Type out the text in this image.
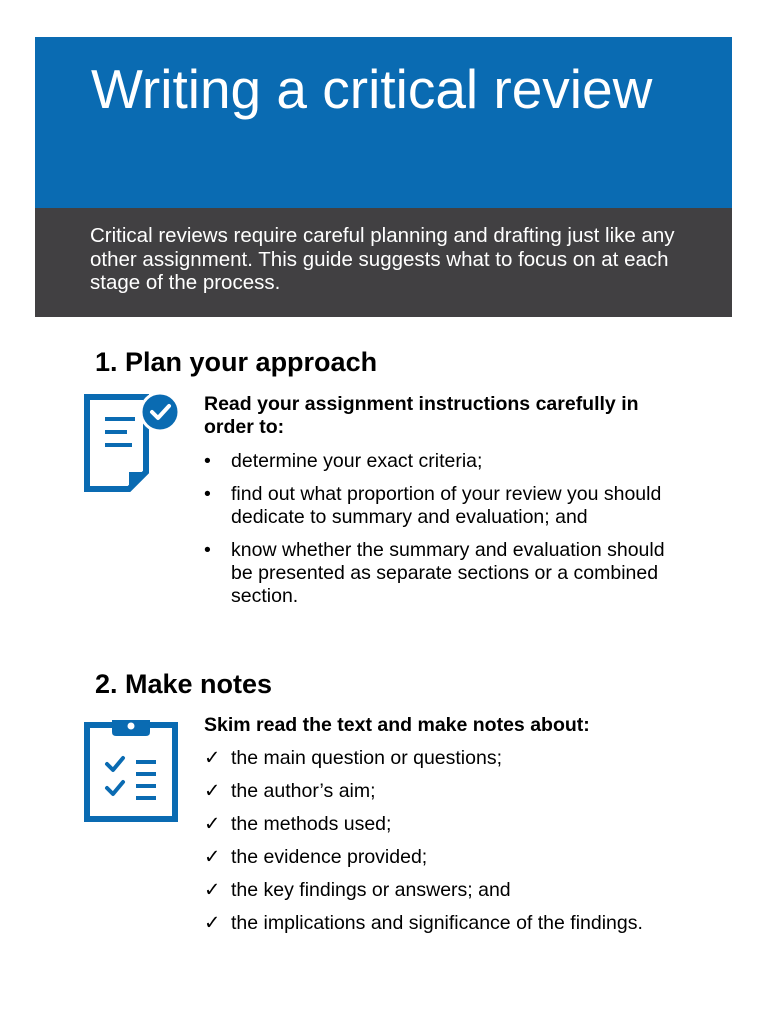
Writing a critical review

Critical reviews require careful planning and drafting just like any other assignment. This guide suggests what to focus on at each stage of the process.

1. Plan your approach

Read your assignment instructions carefully in order to:

• determine your exact criteria;
• find out what proportion of your review you should dedicate to summary and evaluation; and
• know whether the summary and evaluation should be presented as separate sections or a combined section.
2. Make notes

Skim read the text and make notes about:

✓ the main question or questions;
✓ the author’s aim;
✓ the methods used;
✓ the evidence provided;
✓ the key findings or answers; and
✓ the implications and significance of the findings.
